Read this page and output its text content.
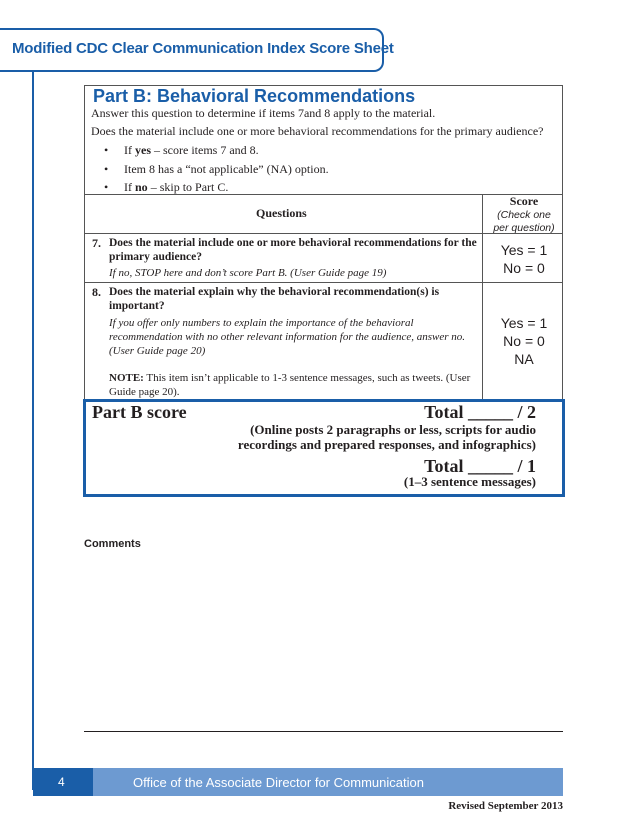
Modified CDC Clear Communication Index Score Sheet
Part B: Behavioral Recommendations
Answer this question to determine if items 7and 8 apply to the material.
Does the material include one or more behavioral recommendations for the primary audience?
• If yes – score items 7 and 8.
• Item 8 has a “not applicable” (NA) option.
• If no – skip to Part C.
Questions
Score
(Check one
per question)
7. Does the material include one or more behavioral recommendations for the primary audience?
If no, STOP here and don’t score Part B. (User Guide page 19)
Yes = 1
No = 0
8. Does the material explain why the behavioral recommendation(s) is important?
If you offer only numbers to explain the importance of the behavioral recommendation with no other relevant information for the audience, answer no. (User Guide page 20)
NOTE: This item isn’t applicable to 1-3 sentence messages, such as tweets. (User Guide page 20).
Yes = 1
No = 0
NA
Part B score	Total _____ / 2
(Online posts 2 paragraphs or less, scripts for audio
recordings and prepared responses, and infographics)
Total _____ / 1
(1–3 sentence messages)
Comments
4	Office of the Associate Director for Communication
Revised September 2013
